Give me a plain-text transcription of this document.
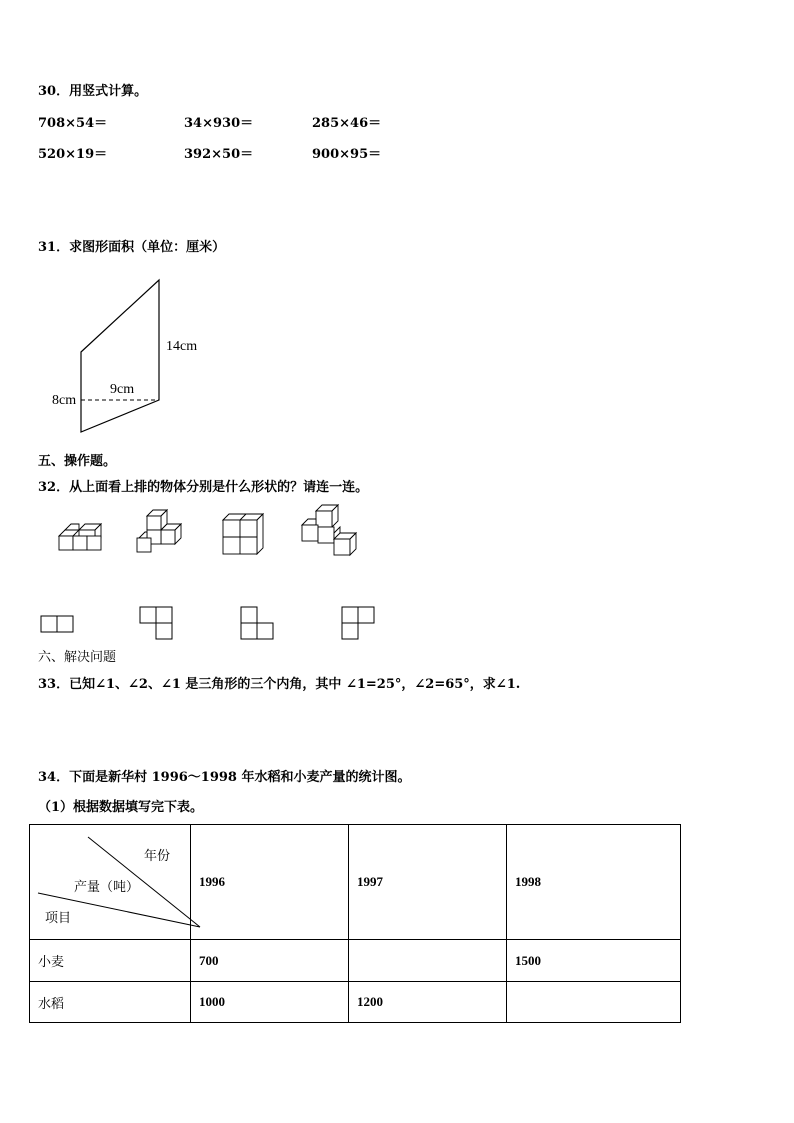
30．用竖式计算。
708×54＝	34×930＝	285×46＝
520×19＝	392×50＝	900×95＝
31．求图形面积（单位：厘米）
14cm
9cm
8cm
五、操作题。
32．从上面看上排的物体分别是什么形状的？请连一连。
六、解决问题
33．已知∠1、∠2、∠1 是三角形的三个内角，其中 ∠1=25°，∠2=65°，求∠1.
34．下面是新华村 1996～1998 年水稻和小麦产量的统计图。
（1）根据数据填写完下表。
年份
产量（吨）
项目	1996	1997	1998
小麦	700		1500
水稻	1000	1200	
